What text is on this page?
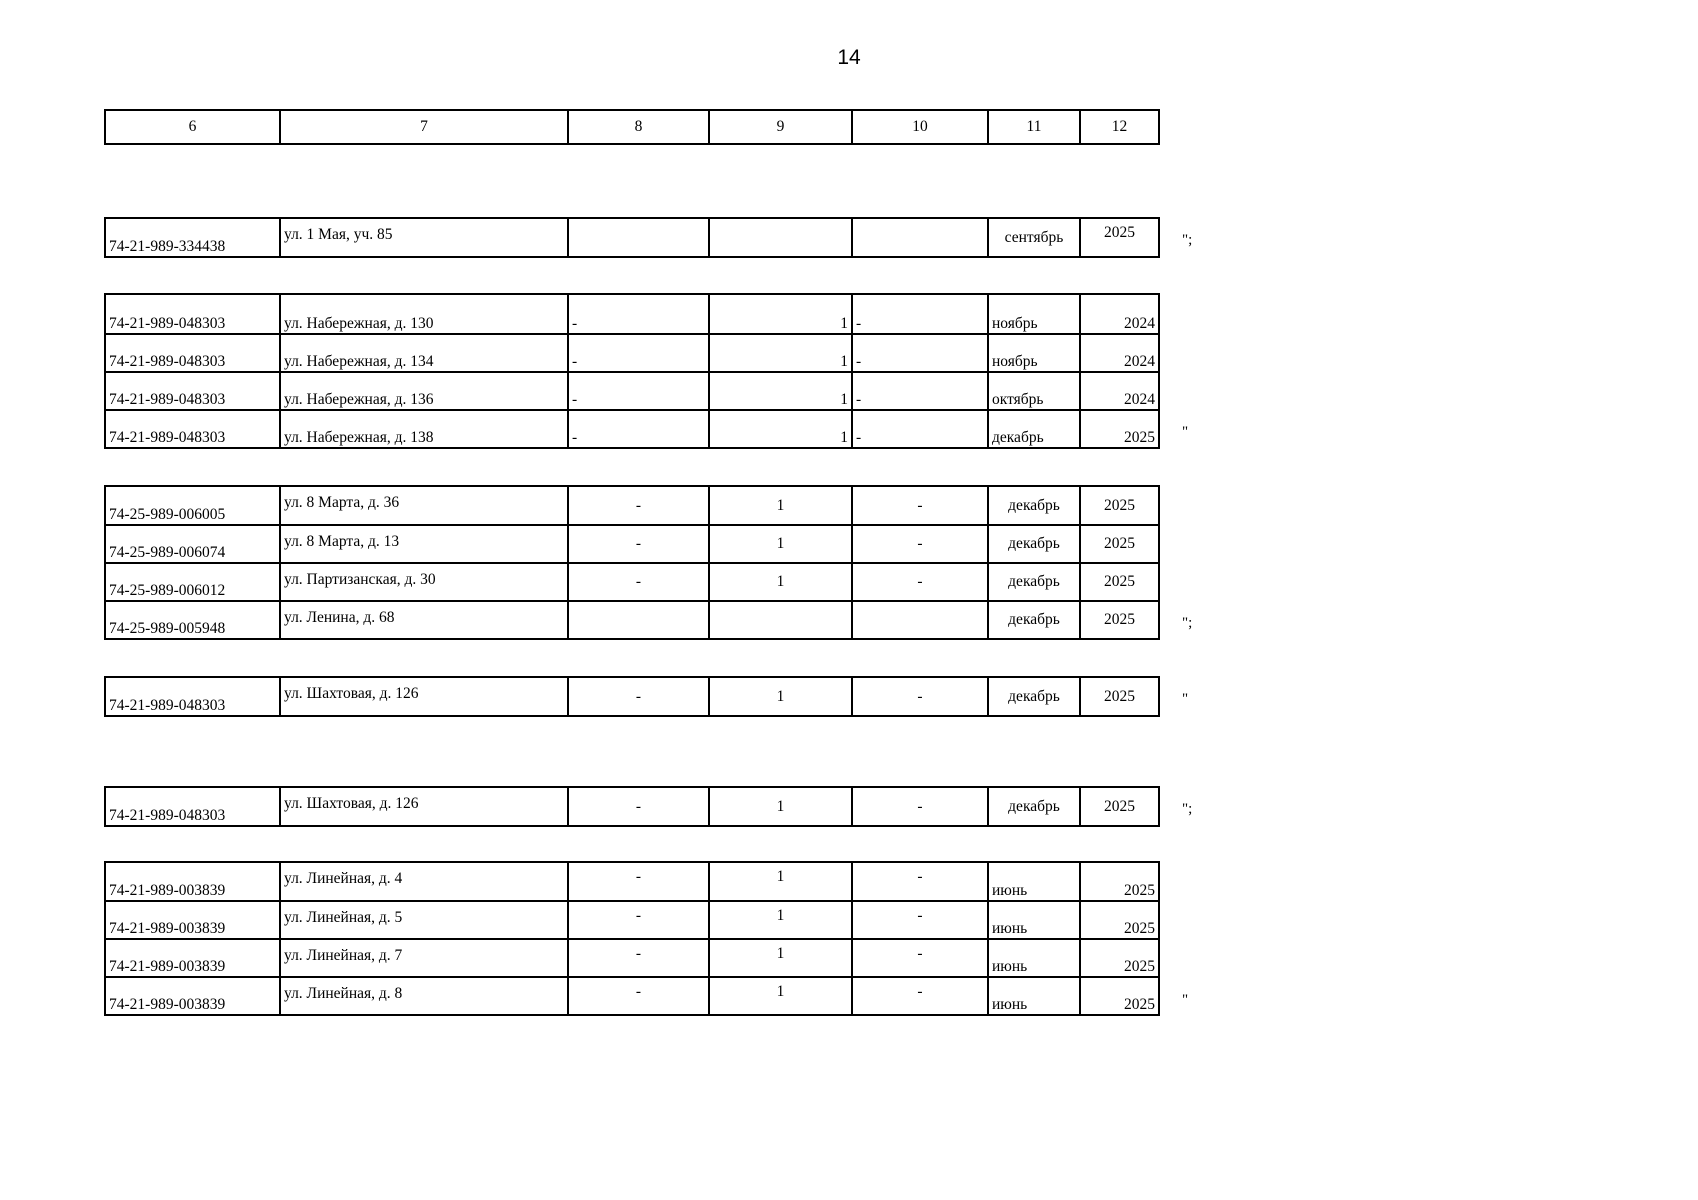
14
6	7	8	9	10	11	12
74-21-989-334438	ул. 1 Мая, уч. 85				сентябрь	2025	";
74-21-989-048303	ул. Набережная, д. 130	-	1	-	ноябрь	2024
74-21-989-048303	ул. Набережная, д. 134	-	1	-	ноябрь	2024
74-21-989-048303	ул. Набережная, д. 136	-	1	-	октябрь	2024
74-21-989-048303	ул. Набережная, д. 138	-	1	-	декабрь	2025 "
74-25-989-006005	ул. 8 Марта, д. 36	-	1	-	декабрь	2025
74-25-989-006074	ул. 8 Марта, д. 13	-	1	-	декабрь	2025
74-25-989-006012	ул. Партизанская, д. 30	-	1	-	декабрь	2025
74-25-989-005948	ул. Ленина, д. 68				декабрь	2025	";
74-21-989-048303	ул. Шахтовая, д. 126	-	1	-	декабрь	2025	"
74-21-989-048303	ул. Шахтовая, д. 126	-	1	-	декабрь	2025	";
74-21-989-003839	ул. Линейная, д. 4	-	1	-	июнь	2025
74-21-989-003839	ул. Линейная, д. 5	-	1	-	июнь	2025
74-21-989-003839	ул. Линейная, д. 7	-	1	-	июнь	2025
74-21-989-003839	ул. Линейная, д. 8	-	1	-	июнь	2025 "
